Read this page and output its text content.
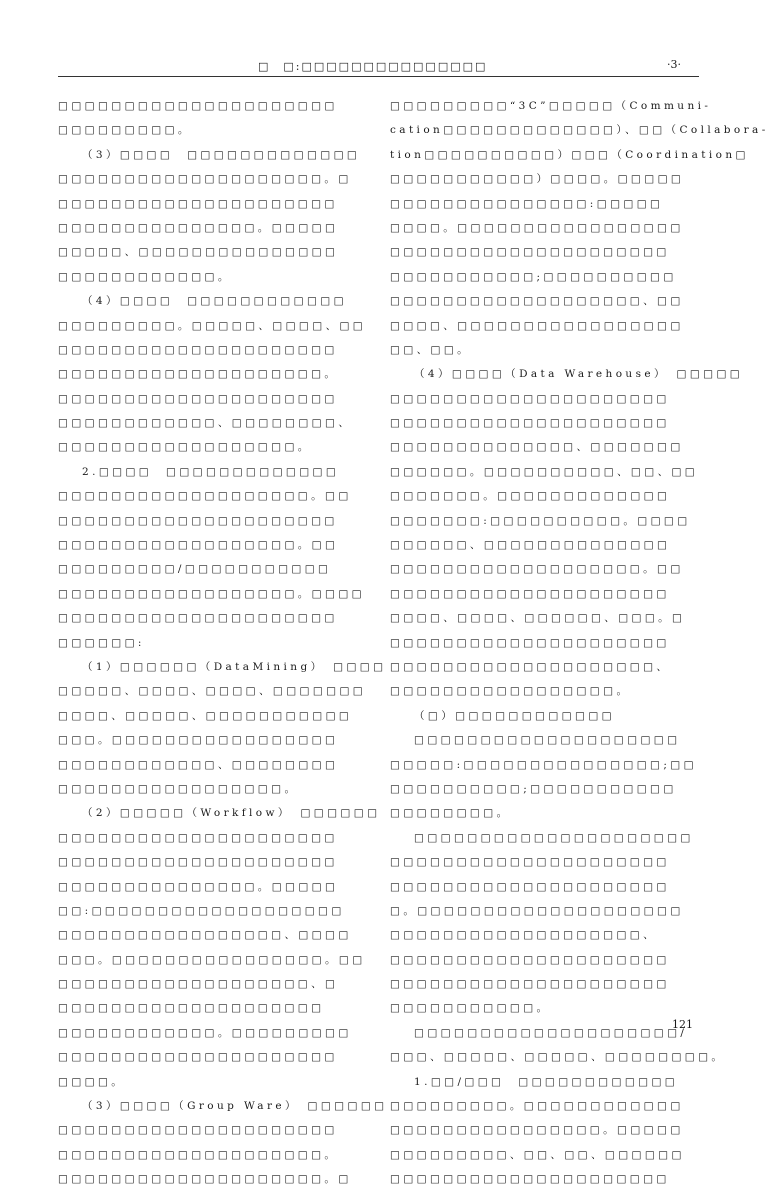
□　□:□□□□□□□□□□□□□□□	·3·
□□□□□□□□□□□□□□□□□□□□□
□□□□□□□□□。
（3）□□□□　□□□□□□□□□□□□□
□□□□□□□□□□□□□□□□□□□□。□
□□□□□□□□□□□□□□□□□□□□□
□□□□□□□□□□□□□□□。□□□□□
□□□□□、□□□□□□□□□□□□□□□
□□□□□□□□□□□□。
（4）□□□□　□□□□□□□□□□□□
□□□□□□□□□。□□□□□、□□□□、□□
□□□□□□□□□□□□□□□□□□□□□
□□□□□□□□□□□□□□□□□□□□。
□□□□□□□□□□□□□□□□□□□□□
□□□□□□□□□□□□、□□□□□□□□、
□□□□□□□□□□□□□□□□□□。
2.□□□□　□□□□□□□□□□□□□
□□□□□□□□□□□□□□□□□□□。□□
□□□□□□□□□□□□□□□□□□□□□
□□□□□□□□□□□□□□□□□□。□□
□□□□□□□□□/□□□□□□□□□□□
□□□□□□□□□□□□□□□□□□。□□□□
□□□□□□□□□□□□□□□□□□□□□
□□□□□□:
（1）□□□□□□（DataMining）　□□□□
□□□□□、□□□□、□□□□、□□□□□□□
□□□□、□□□□□、□□□□□□□□□□□
□□□。□□□□□□□□□□□□□□□□□
□□□□□□□□□□□□、□□□□□□□□
□□□□□□□□□□□□□□□□□。
（2）□□□□□（Workflow）　□□□□□□
□□□□□□□□□□□□□□□□□□□□□
□□□□□□□□□□□□□□□□□□□□□
□□□□□□□□□□□□□□□。□□□□□
□□:□□□□□□□□□□□□□□□□□□□
□□□□□□□□□□□□□□□□□、□□□□
□□□。□□□□□□□□□□□□□□□□。□□
□□□□□□□□□□□□□□□□□□□、□
□□□□□□□□□□□□□□□□□□□□
□□□□□□□□□□□□。□□□□□□□□□
□□□□□□□□□□□□□□□□□□□□□
□□□□。
（3）□□□□（Group Ware）　□□□□□□
□□□□□□□□□□□□□□□□□□□□□
□□□□□□□□□□□□□□□□□□□□。
□□□□□□□□□□□□□□□□□□□□。□
□□□□□□□□□“3C”□□□□□（Communi-
cation□□□□□□□□□□□□□）、□□（Collabora-
tion□□□□□□□□□□）□□□（Coordination□
□□□□□□□□□□□）□□□□。□□□□□
□□□□□□□□□□□□□□□:□□□□□
□□□□。□□□□□□□□□□□□□□□□□
□□□□□□□□□□□□□□□□□□□□□
□□□□□□□□□□□;□□□□□□□□□□
□□□□□□□□□□□□□□□□□□□、□□
□□□□、□□□□□□□□□□□□□□□□□
□□、□□。
（4）□□□□（Data Warehouse）　□□□□□
□□□□□□□□□□□□□□□□□□□□□
□□□□□□□□□□□□□□□□□□□□□
□□□□□□□□□□□□□□、□□□□□□□
□□□□□□。□□□□□□□□□□、□□、□□
□□□□□□□。□□□□□□□□□□□□□
□□□□□□□:□□□□□□□□□□。□□□□
□□□□□□、□□□□□□□□□□□□□□
□□□□□□□□□□□□□□□□□□□。□□
□□□□□□□□□□□□□□□□□□□□□
□□□□、□□□□、□□□□□□、□□□。□
□□□□□□□□□□□□□□□□□□□□□
□□□□□□□□□□□□□□□□□□□□、
□□□□□□□□□□□□□□□□□。
（□）□□□□□□□□□□□□
□□□□□□□□□□□□□□□□□□□□
□□□□□:□□□□□□□□□□□□□□□;□□
□□□□□□□□□□;□□□□□□□□□□□
□□□□□□□□。
□□□□□□□□□□□□□□□□□□□□□
□□□□□□□□□□□□□□□□□□□□□
□□□□□□□□□□□□□□□□□□□□□
□。□□□□□□□□□□□□□□□□□□□□
□□□□□□□□□□□□□□□□□□□、
□□□□□□□□□□□□□□□□□□□□□
□□□□□□□□□□□□□□□□□□□□□
□□□□□□□□□□□。
□□□□□□□□□□□□□□□□□□□□/
□□□、□□□□□、□□□□□、□□□□□□□□。
1.□□/□□□　□□□□□□□□□□□□
□□□□□□□□□。□□□□□□□□□□□□
□□□□□□□□□□□□□□□□。□□□□□
□□□□□□□□□、□□、□□、□□□□□□
□□□□□□□□□□□□□□□□□□□□□
121
